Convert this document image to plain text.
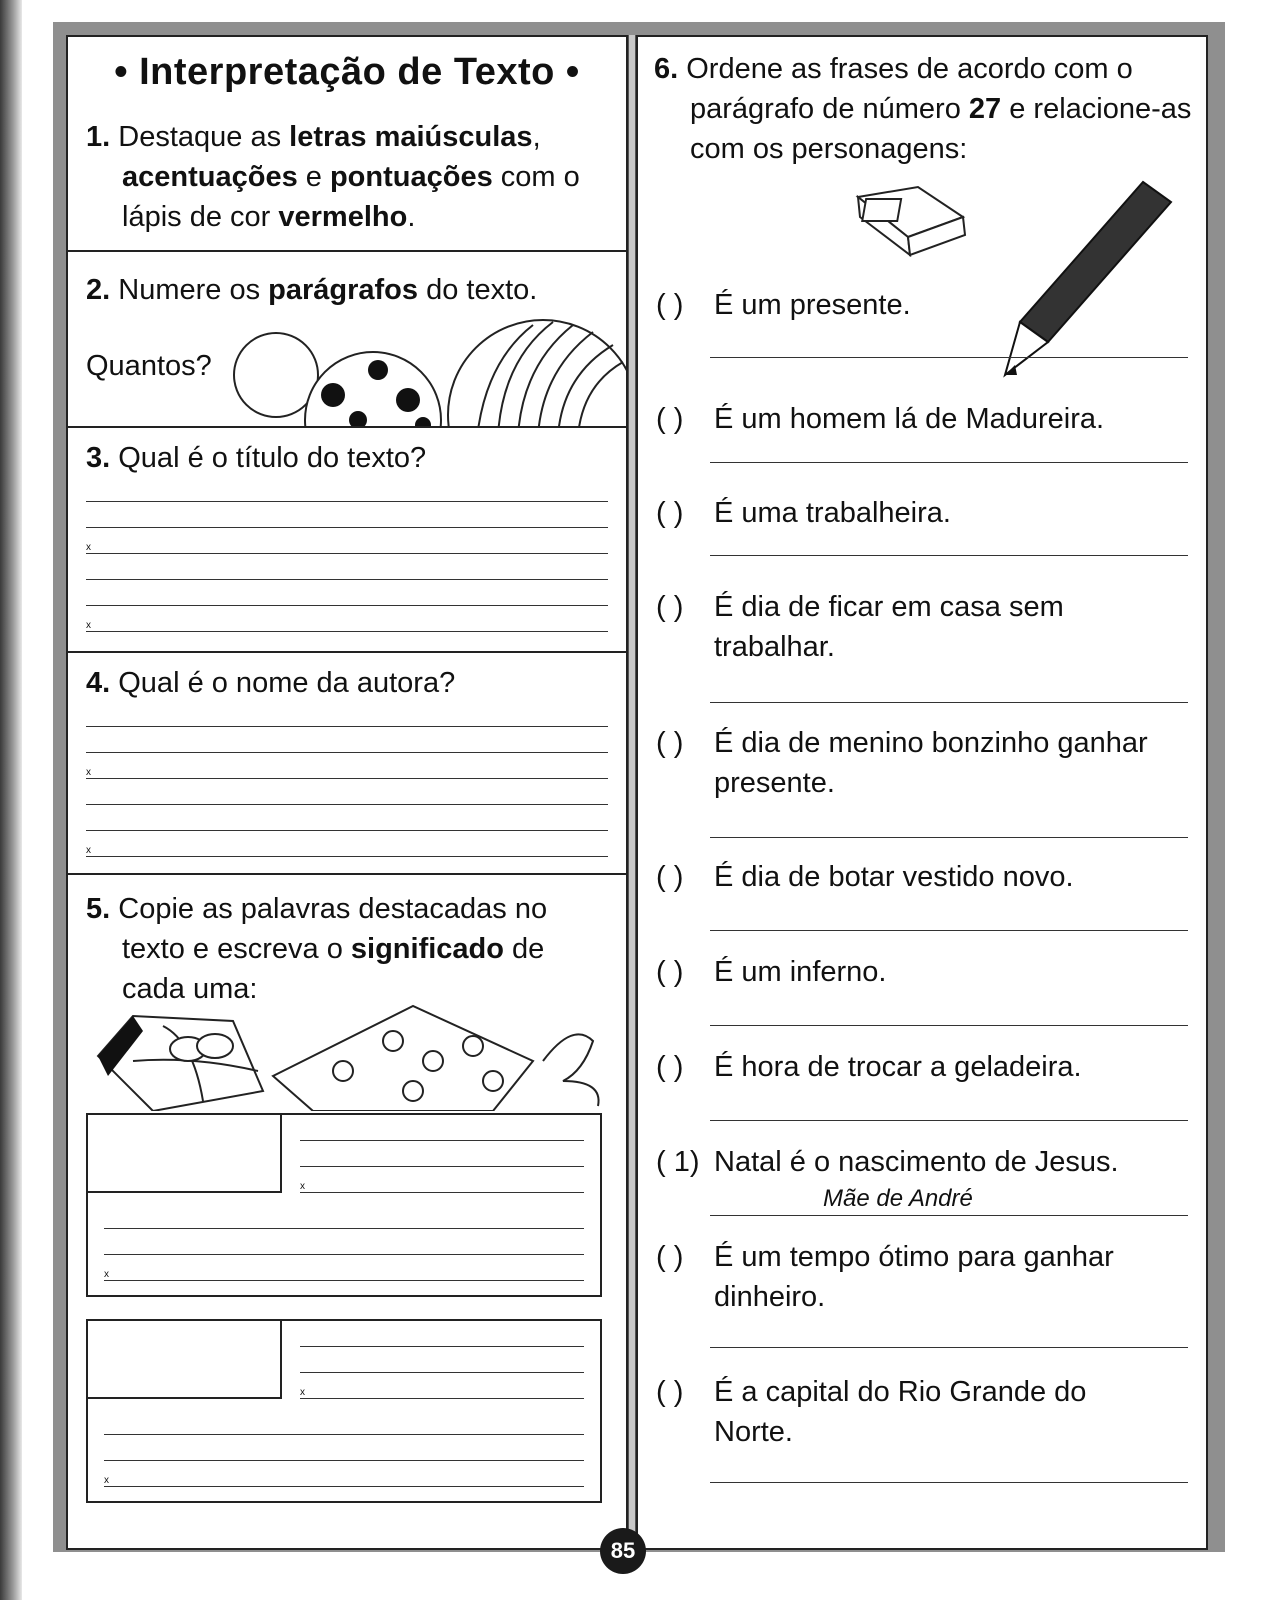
• Interpretação de Texto •
1. Destaque as letras maiúsculas, acentuações e pontuações com o lápis de cor vermelho.
2. Numere os parágrafos do texto.
Quantos?
3. Qual é o título do texto?
x
x
4. Qual é o nome da autora?
x
x
5. Copie as palavras destacadas no texto e escreva o significado de cada uma:
x
x
x
x
6. Ordene as frases de acordo com o parágrafo de número 27 e relacione-as com os personagens:
( ) É um presente.
( ) É um homem lá de Madureira.
( ) É uma trabalheira.
( ) É dia de ficar em casa sem trabalhar.
( ) É dia de menino bonzinho ganhar presente.
( ) É dia de botar vestido novo.
( ) É um inferno.
( ) É hora de trocar a geladeira.
( 1) Natal é o nascimento de Jesus.
Mãe de André
( ) É um tempo ótimo para ganhar dinheiro.
( ) É a capital do Rio Grande do Norte.
85
